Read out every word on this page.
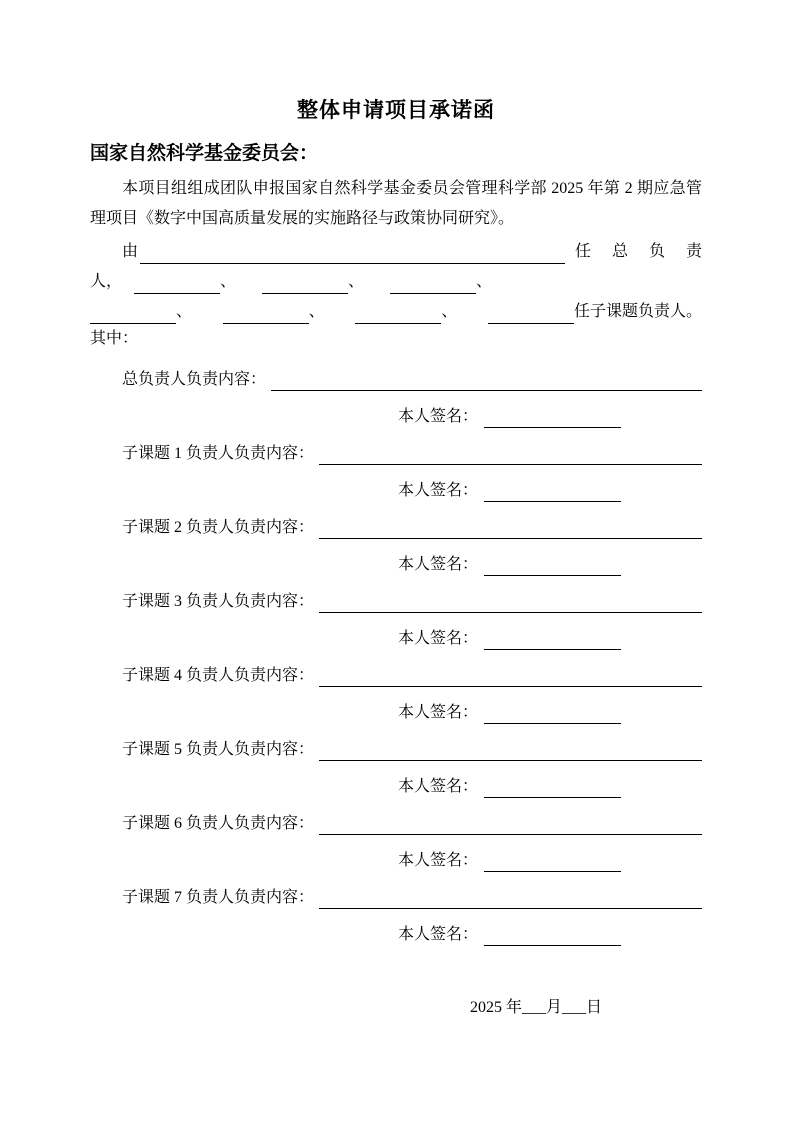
整体申请项目承诺函
国家自然科学基金委员会：

本项目组组成团队申报国家自然科学基金委员会管理科学部 2025 年第 2 期应急管理项目《数字中国高质量发展的实施路径与政策协同研究》。

由	任 总 负 责
人，	、	、	、
、	、	、	任子课题负责人。
其中：
总负责人负责内容：
本人签名：
子课题 1 负责人负责内容：
本人签名：
子课题 2 负责人负责内容：
本人签名：
子课题 3 负责人负责内容：
本人签名：
子课题 4 负责人负责内容：
本人签名：
子课题 5 负责人负责内容：
本人签名：
子课题 6 负责人负责内容：
本人签名：
子课题 7 负责人负责内容：
本人签名：
2025 年___月___日
